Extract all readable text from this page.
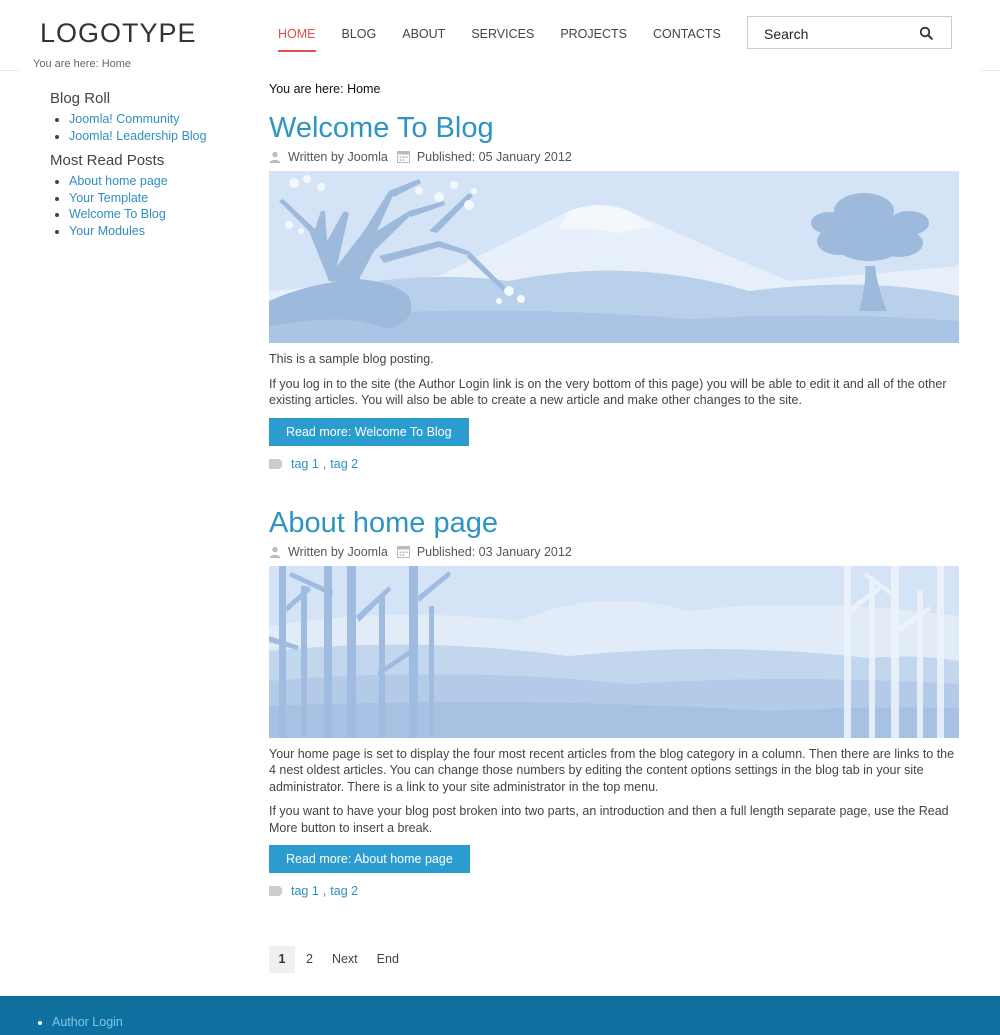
LOGOTYPE
You are here: Home
HOME	BLOG	ABOUT	SERVICES	PROJECTS	CONTACTS
Search
Blog Roll
• Joomla! Community
• Joomla! Leadership Blog
Most Read Posts
• About home page
• Your Template
• Welcome To Blog
• Your Modules
You are here: Home
Welcome To Blog
Written by Joomla Published: 05 January 2012

This is a sample blog posting.

If you log in to the site (the Author Login link is on the very bottom of this page) you will be able to edit it and all of the other existing articles. You will also be able to create a new article and make other changes to the site.

Read more: Welcome To Blog
tag 1 , tag 2
About home page
Written by Joomla Published: 03 January 2012

Your home page is set to display the four most recent articles from the blog category in a column. Then there are links to the 4 nest oldest articles. You can change those numbers by editing the content options settings in the blog tab in your site administrator. There is a link to your site administrator in the top menu.

If you want to have your blog post broken into two parts, an introduction and then a full length separate page, use the Read More button to insert a break.

Read more: About home page
tag 1 , tag 2
1	2	Next	End
• Author Login
